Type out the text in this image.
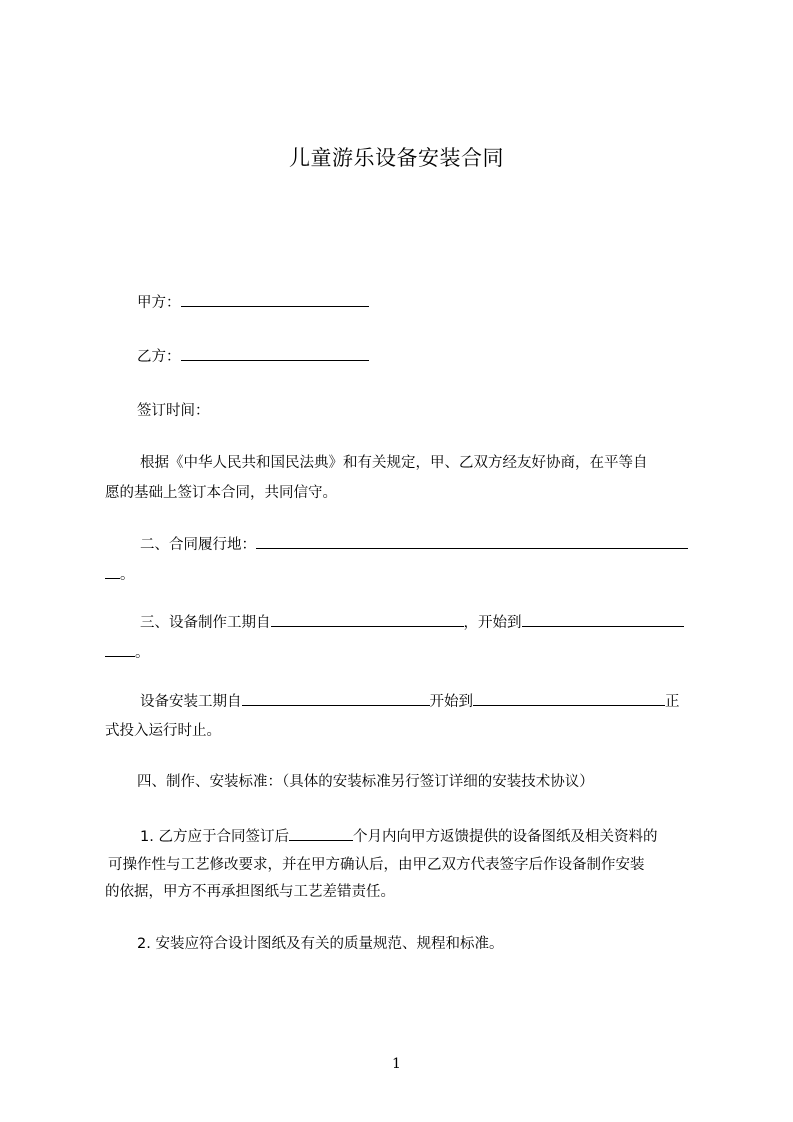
儿童游乐设备安装合同
甲方：
乙方：
签订时间：
根据《中华人民共和国民法典》和有关规定，甲、乙双方经友好协商，在平等自
愿的基础上签订本合同，共同信守。
二、合同履行地：
。
三、设备制作工期自	，开始到
。
设备安装工期自	开始到	正
式投入运行时止。
四、制作、安装标准：（具体的安装标准另行签订详细的安装技术协议）
1. 乙方应于合同签订后	个月内向甲方返馈提供的设备图纸及相关资料的
可操作性与工艺修改要求，并在甲方确认后，由甲乙双方代表签字后作设备制作安装
的依据，甲方不再承担图纸与工艺差错责任。
2. 安装应符合设计图纸及有关的质量规范、规程和标准。
1
